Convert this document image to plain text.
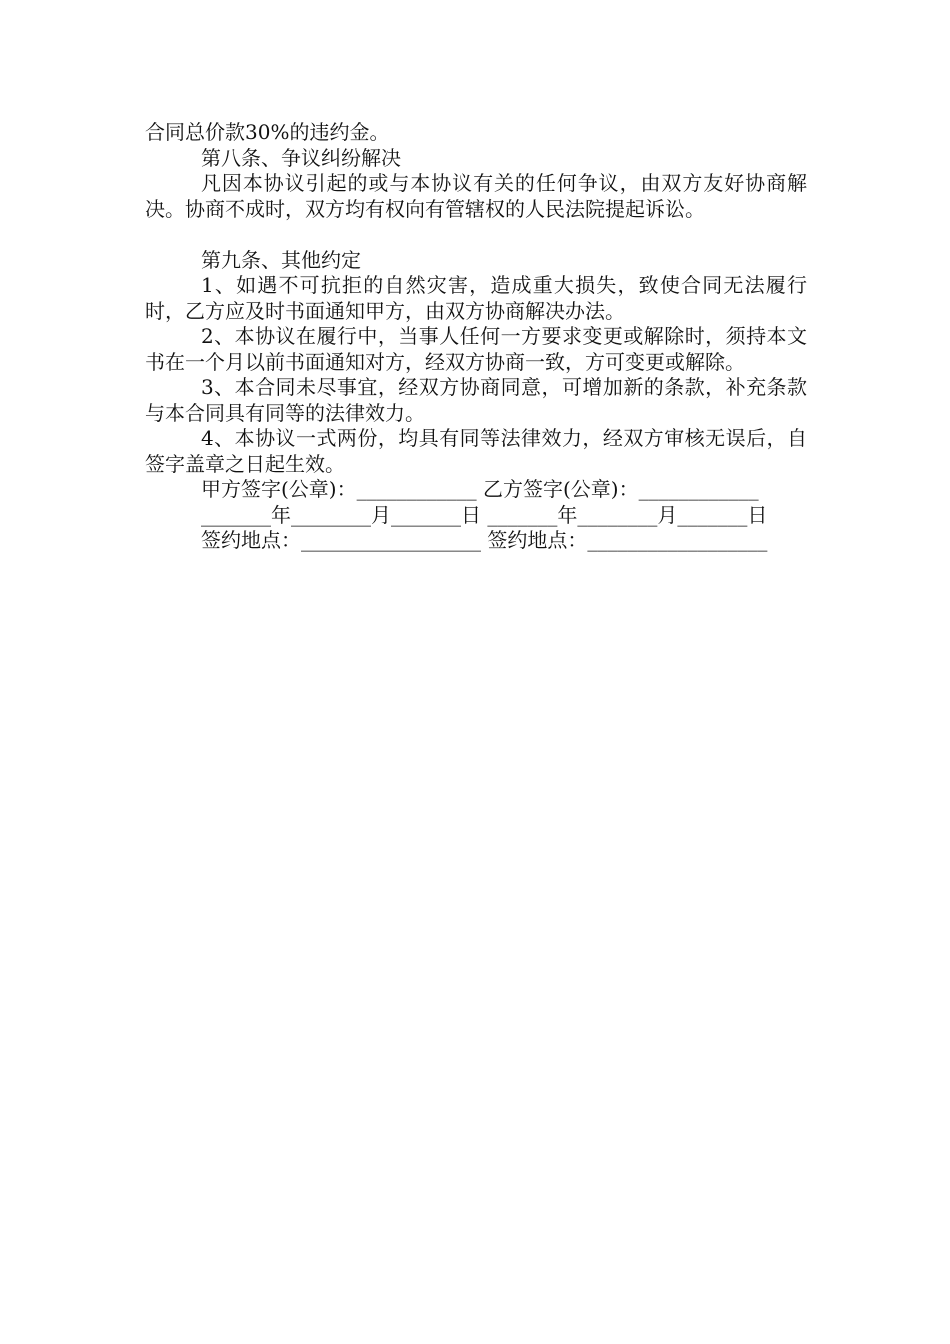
合同总价款30%的违约金。

第八条、争议纠纷解决

凡因本协议引起的或与本协议有关的任何争议，由双方友好协商解决。协商不成时，双方均有权向有管辖权的人民法院提起诉讼。

第九条、其他约定

1、如遇不可抗拒的自然灾害，造成重大损失，致使合同无法履行时，乙方应及时书面通知甲方，由双方协商解决办法。

2、本协议在履行中，当事人任何一方要求变更或解除时，须持本文书在一个月以前书面通知对方，经双方协商一致，方可变更或解除。

3、本合同未尽事宜，经双方协商同意，可增加新的条款，补充条款与本合同具有同等的法律效力。

4、本协议一式两份，均具有同等法律效力，经双方审核无误后，自签字盖章之日起生效。

甲方签字(公章)：____________ 乙方签字(公章)：____________

_______年________月_______日 _______年________月_______日

签约地点：__________________ 签约地点：__________________
